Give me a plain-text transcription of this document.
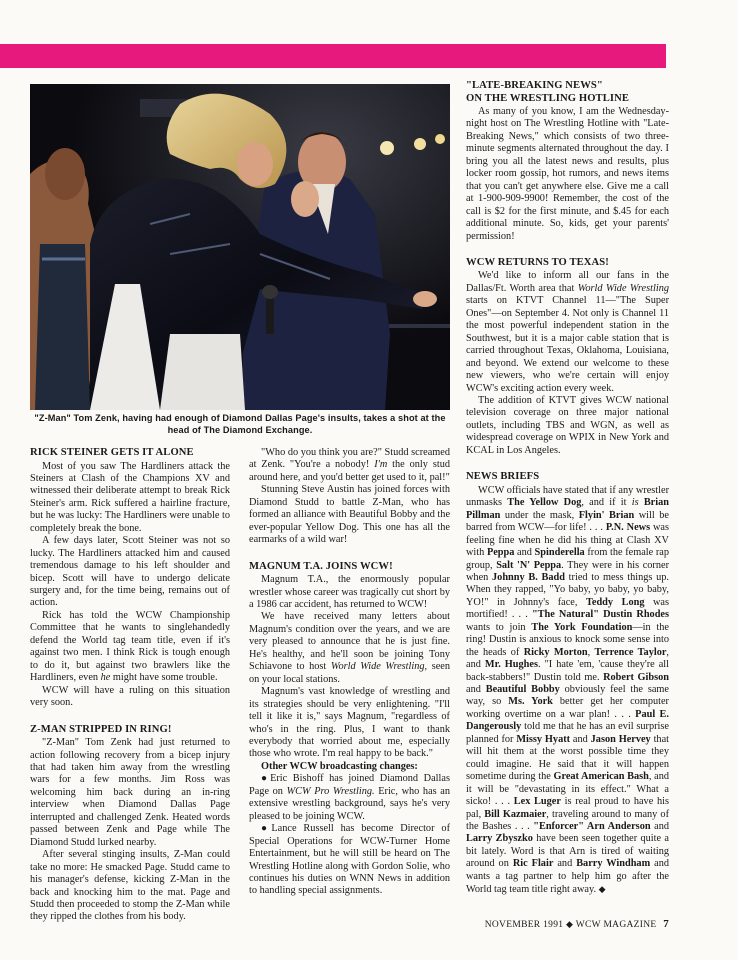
"Z-Man" Tom Zenk, having had enough of Diamond Dallas Page's insults, takes a shot at the head of The Diamond Exchange.
RICK STEINER GETS IT ALONE

Most of you saw The Hardliners attack the Steiners at Clash of the Champions XV and witnessed their deliberate attempt to break Rick Steiner's arm. Rick suffered a hairline fracture, but he was lucky: The Hardliners were unable to completely break the bone.

A few days later, Scott Steiner was not so lucky. The Hardliners attacked him and caused tremendous damage to his left shoulder and bicep. Scott will have to undergo delicate surgery and, for the time being, remains out of action.

Rick has told the WCW Championship Committee that he wants to singlehandedly defend the World tag team title, even if it's against two men. I think Rick is tough enough to do it, but against two brawlers like the Hardliners, even he might have some trouble.

WCW will have a ruling on this situation very soon.

Z-MAN STRIPPED IN RING!

"Z-Man" Tom Zenk had just returned to action following recovery from a bicep injury that had taken him away from the wrestling wars for a few months. Jim Ross was welcoming him back during an in-ring interview when Diamond Dallas Page interrupted and challenged Zenk. Heated words passed between Zenk and Page while The Diamond Studd lurked nearby.

After several stinging insults, Z-Man could take no more: He smacked Page. Studd came to his manager's defense, kicking Z-Man in the back and knocking him to the mat. Page and Studd then proceeded to stomp the Z-Man while they ripped the clothes from his body.

"Who do you think you are?" Studd screamed at Zenk. "You're a nobody! I'm the only stud around here, and you'd better get used to it, pal!"

Stunning Steve Austin has joined forces with Diamond Studd to battle Z-Man, who has formed an alliance with Beautiful Bobby and the ever-popular Yellow Dog. This one has all the earmarks of a wild war!

MAGNUM T.A. JOINS WCW!

Magnum T.A., the enormously popular wrestler whose career was tragically cut short by a 1986 car accident, has returned to WCW!

We have received many letters about Magnum's condition over the years, and we are very pleased to announce that he is just fine. He's healthy, and he'll soon be joining Tony Schiavone to host World Wide Wrestling, seen on your local stations.

Magnum's vast knowledge of wrestling and its strategies should be very enlightening. "I'll tell it like it is," says Magnum, "regardless of who's in the ring. Plus, I want to thank everybody that worried about me, especially those who wrote. I'm real happy to be back."

Other WCW broadcasting changes:

●Eric Bishoff has joined Diamond Dallas Page on WCW Pro Wrestling. Eric, who has an extensive wrestling background, says he's very pleased to be joining WCW.

●Lance Russell has become Director of Special Operations for WCW-Turner Home Entertainment, but he will still be heard on The Wrestling Hotline along with Gordon Solie, who continues his duties on WNN News in addition to handling special assignments.

"LATE-BREAKING NEWS"
ON THE WRESTLING HOTLINE

As many of you know, I am the Wednesday-night host on The Wrestling Hotline with "Late-Breaking News," which consists of two three-minute segments alternated throughout the day. I bring you all the latest news and results, plus locker room gossip, hot rumors, and news items that you can't get anywhere else. Give me a call at 1-900-909-9900! Remember, the cost of the call is $2 for the first minute, and $.45 for each additional minute. So, kids, get your parents' permission!

WCW RETURNS TO TEXAS!

We'd like to inform all our fans in the Dallas/Ft. Worth area that World Wide Wrestling starts on KTVT Channel 11—"The Super Ones"—on September 4. Not only is Channel 11 the most powerful independent station in the Southwest, but it is a major cable station that is carried throughout Texas, Oklahoma, Louisiana, and beyond. We extend our welcome to these new viewers, who we're certain will enjoy WCW's exciting action every week.

The addition of KTVT gives WCW national television coverage on three major national outlets, including TBS and WGN, as well as widespread coverage on WPIX in New York and KCAL in Los Angeles.

NEWS BRIEFS

WCW officials have stated that if any wrestler unmasks The Yellow Dog, and if it is Brian Pillman under the mask, Flyin' Brian will be barred from WCW—for life! . . . P.N. News was feeling fine when he did his thing at Clash XV with Peppa and Spinderella from the female rap group, Salt 'N' Peppa. They were in his corner when Johnny B. Badd tried to mess things up. When they rapped, "Yo baby, yo baby, yo baby, YO!" in Johnny's face, Teddy Long was mortified! . . . "The Natural" Dustin Rhodes wants to join The York Foundation—in the ring! Dustin is anxious to knock some sense into the heads of Ricky Morton, Terrence Taylor, and Mr. Hughes. "I hate 'em, 'cause they're all back-stabbers!" Dustin told me. Robert Gibson and Beautiful Bobby obviously feel the same way, so Ms. York better get her computer working overtime on a war plan! . . . Paul E. Dangerously told me that he has an evil surprise planned for Missy Hyatt and Jason Hervey that will hit them at the worst possible time they could imagine. He said that it will happen sometime during the Great American Bash, and it will be "devastating in its effect." What a sicko! . . . Lex Luger is real proud to have his pal, Bill Kazmaier, traveling around to many of the Bashes . . . "Enforcer" Arn Anderson and Larry Zbyszko have been seen together quite a bit lately. Word is that Arn is tired of waiting around on Ric Flair and Barry Windham and wants a tag partner to help him go after the World tag team title right away. ◆

NOVEMBER 1991 ◆ WCW MAGAZINE 7
